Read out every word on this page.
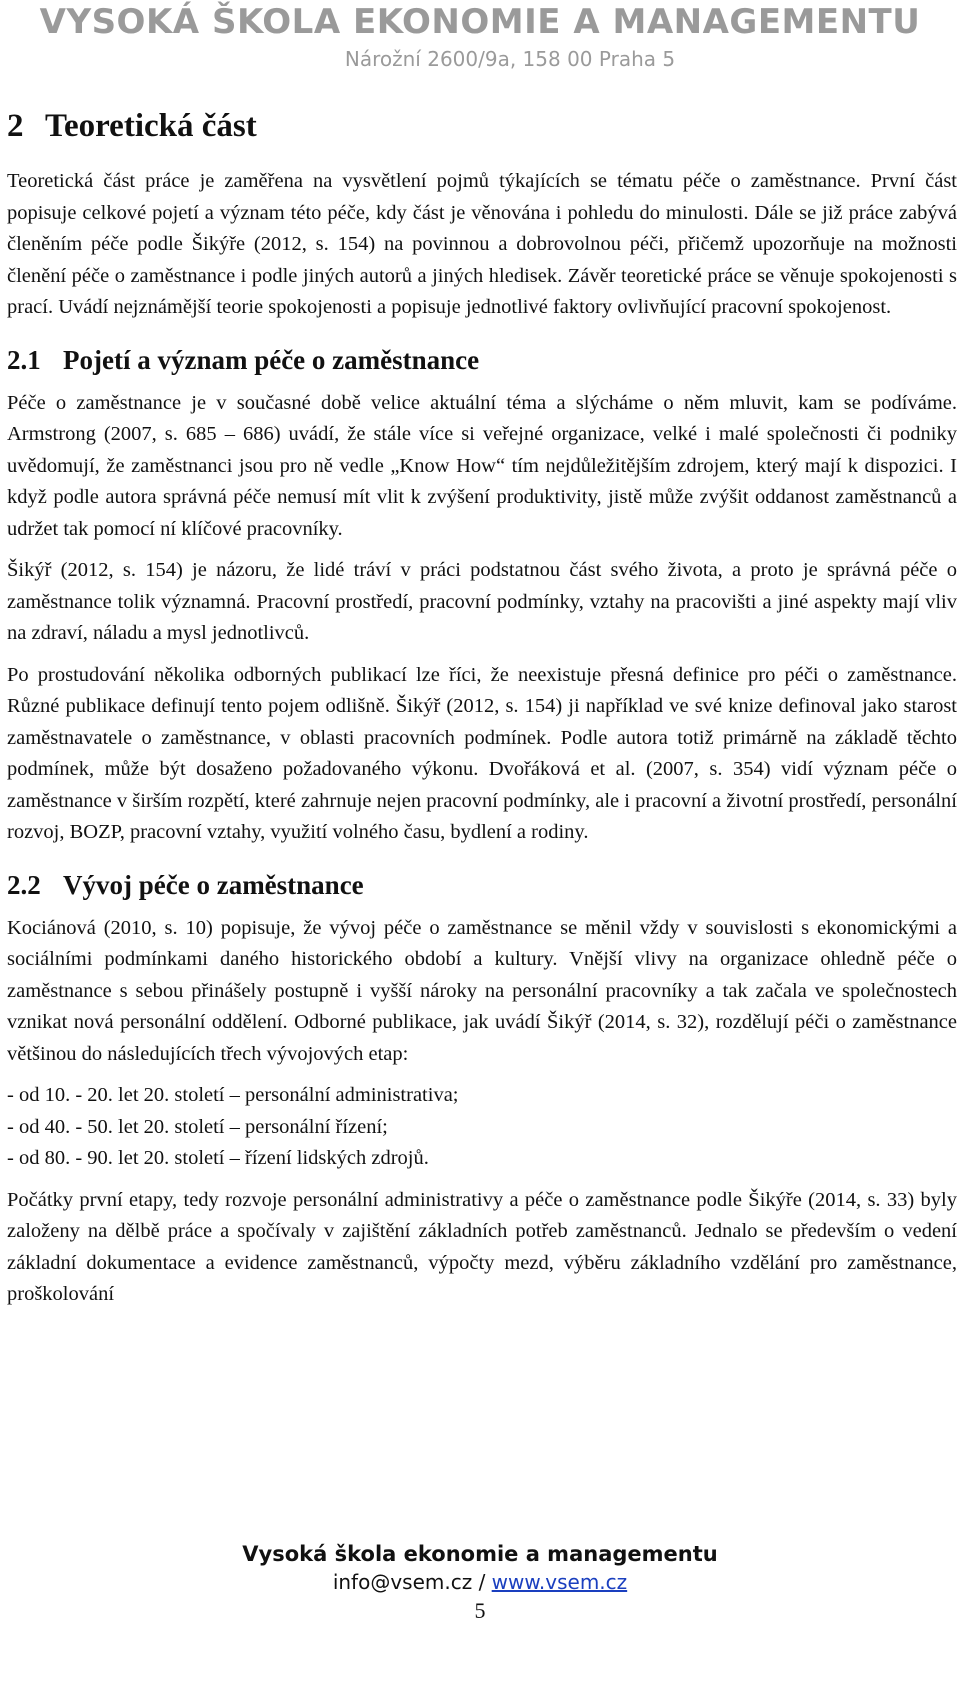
VYSOKÁ ŠKOLA EKONOMIE A MANAGEMENTU
Nárožní 2600/9a, 158 00 Praha 5
2 Teoretická část

Teoretická část práce je zaměřena na vysvětlení pojmů týkajících se tématu péče o zaměstnance. První část popisuje celkové pojetí a význam této péče, kdy část je věnována i pohledu do minulosti. Dále se již práce zabývá členěním péče podle Šikýře (2012, s. 154) na povinnou a dobrovolnou péči, přičemž upozorňuje na možnosti členění péče o zaměstnance i podle jiných autorů a jiných hledisek. Závěr teoretické práce se věnuje spokojenosti s prací. Uvádí nejznámější teorie spokojenosti a popisuje jednotlivé faktory ovlivňující pracovní spokojenost.

2.1 Pojetí a význam péče o zaměstnance

Péče o zaměstnance je v současné době velice aktuální téma a slýcháme o něm mluvit, kam se podíváme. Armstrong (2007, s. 685 – 686) uvádí, že stále více si veřejné organizace, velké i malé společnosti či podniky uvědomují, že zaměstnanci jsou pro ně vedle „Know How“ tím nejdůležitějším zdrojem, který mají k dispozici. I když podle autora správná péče nemusí mít vlit k zvýšení produktivity, jistě může zvýšit oddanost zaměstnanců a udržet tak pomocí ní klíčové pracovníky.

Šikýř (2012, s. 154) je názoru, že lidé tráví v práci podstatnou část svého života, a proto je správná péče o zaměstnance tolik významná. Pracovní prostředí, pracovní podmínky, vztahy na pracovišti a jiné aspekty mají vliv na zdraví, náladu a mysl jednotlivců.

Po prostudování několika odborných publikací lze říci, že neexistuje přesná definice pro péči o zaměstnance. Různé publikace definují tento pojem odlišně. Šikýř (2012, s. 154) ji například ve své knize definoval jako starost zaměstnavatele o zaměstnance, v oblasti pracovních podmínek. Podle autora totiž primárně na základě těchto podmínek, může být dosaženo požadovaného výkonu. Dvořáková et al. (2007, s. 354) vidí význam péče o zaměstnance v širším rozpětí, které zahrnuje nejen pracovní podmínky, ale i pracovní a životní prostředí, personální rozvoj, BOZP, pracovní vztahy, využití volného času, bydlení a rodiny.

2.2 Vývoj péče o zaměstnance

Kociánová (2010, s. 10) popisuje, že vývoj péče o zaměstnance se měnil vždy v souvislosti s ekonomickými a sociálními podmínkami daného historického období a kultury. Vnější vlivy na organizace ohledně péče o zaměstnance s sebou přinášely postupně i vyšší nároky na personální pracovníky a tak začala ve společnostech vznikat nová personální oddělení. Odborné publikace, jak uvádí Šikýř (2014, s. 32), rozdělují péči o zaměstnance většinou do následujících třech vývojových etap:

- od 10. - 20. let 20. století – personální administrativa;
- od 40. - 50. let 20. století – personální řízení;
- od 80. - 90. let 20. století – řízení lidských zdrojů.

Počátky první etapy, tedy rozvoje personální administrativy a péče o zaměstnance podle Šikýře (2014, s. 33) byly založeny na dělbě práce a spočívaly v zajištění základních potřeb zaměstnanců. Jednalo se především o vedení základní dokumentace a evidence zaměstnanců, výpočty mezd, výběru základního vzdělání pro zaměstnance, proškolování

Vysoká škola ekonomie a managementu
info@vsem.cz / www.vsem.cz
5
